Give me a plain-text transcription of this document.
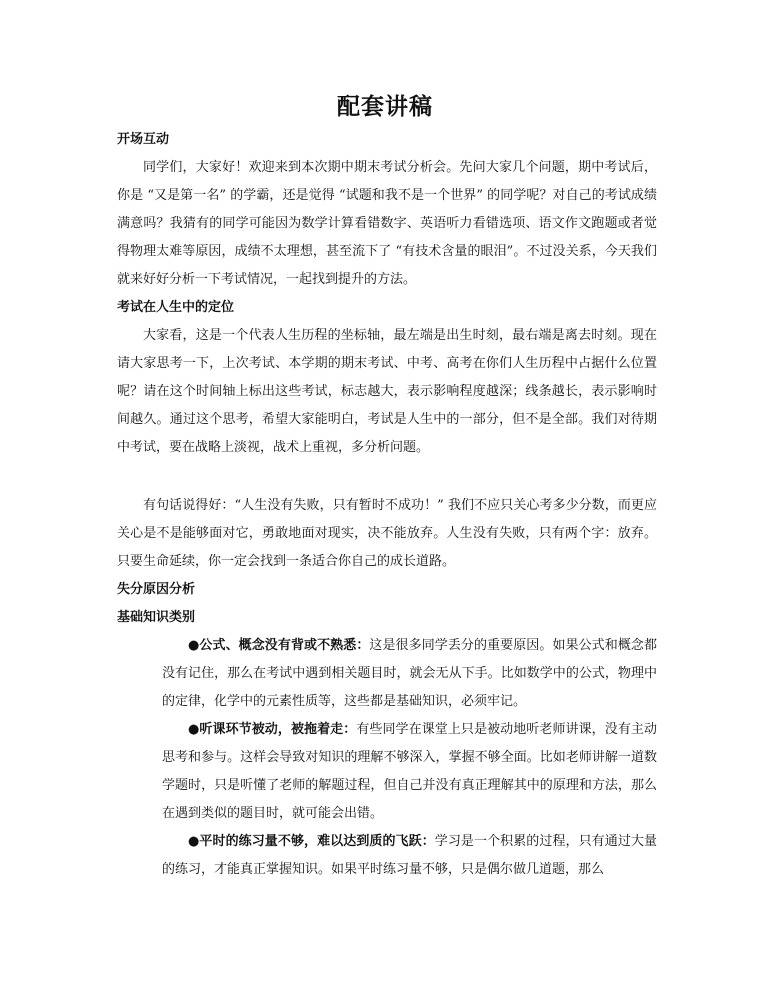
配套讲稿
开场互动

同学们，大家好！欢迎来到本次期中期末考试分析会。先问大家几个问题，期中考试后，你是 “又是第一名” 的学霸，还是觉得 “试题和我不是一个世界” 的同学呢？对自己的考试成绩满意吗？我猜有的同学可能因为数学计算看错数字、英语听力看错选项、语文作文跑题或者觉得物理太难等原因，成绩不太理想，甚至流下了 “有技术含量的眼泪”。不过没关系，今天我们就来好好分析一下考试情况，一起找到提升的方法。

考试在人生中的定位

大家看，这是一个代表人生历程的坐标轴，最左端是出生时刻，最右端是离去时刻。现在请大家思考一下，上次考试、本学期的期末考试、中考、高考在你们人生历程中占据什么位置呢？请在这个时间轴上标出这些考试，标志越大，表示影响程度越深；线条越长，表示影响时间越久。通过这个思考，希望大家能明白，考试是人生中的一部分，但不是全部。我们对待期中考试，要在战略上淡视，战术上重视，多分析问题。

有句话说得好：“人生没有失败，只有暂时不成功！” 我们不应只关心考多少分数，而更应关心是不是能够面对它，勇敢地面对现实，决不能放弃。人生没有失败，只有两个字：放弃。只要生命延续，你一定会找到一条适合你自己的成长道路。

失分原因分析
基础知识类别

●公式、概念没有背或不熟悉：这是很多同学丢分的重要原因。如果公式和概念都没有记住，那么在考试中遇到相关题目时，就会无从下手。比如数学中的公式，物理中的定律，化学中的元素性质等，这些都是基础知识，必须牢记。

●听课环节被动，被拖着走：有些同学在课堂上只是被动地听老师讲课，没有主动思考和参与。这样会导致对知识的理解不够深入，掌握不够全面。比如老师讲解一道数学题时，只是听懂了老师的解题过程，但自己并没有真正理解其中的原理和方法，那么在遇到类似的题目时，就可能会出错。

●平时的练习量不够，难以达到质的飞跃：学习是一个积累的过程，只有通过大量的练习，才能真正掌握知识。如果平时练习量不够，只是偶尔做几道题，那么
